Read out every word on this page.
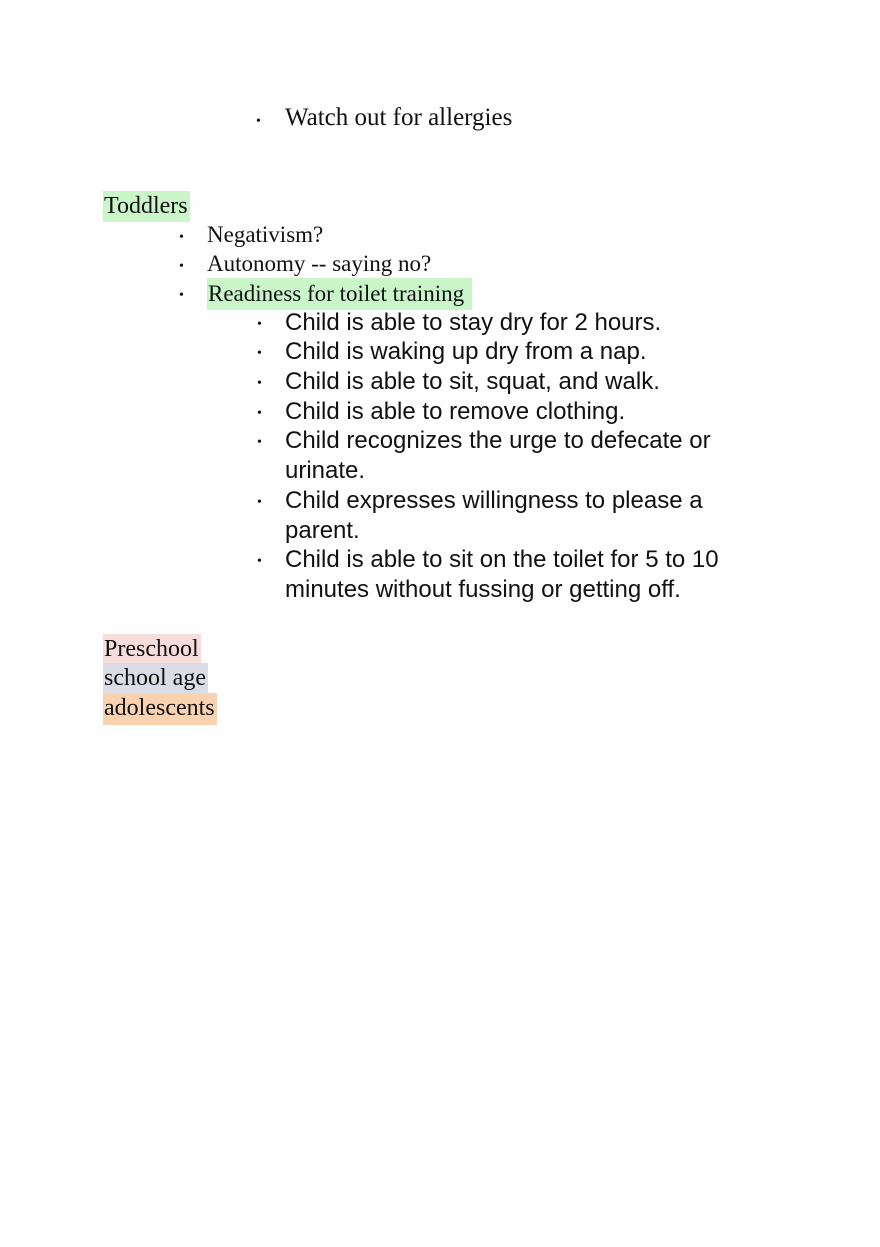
• Watch out for allergies
Toddlers
• Negativism?
• Autonomy -- saying no?
• Readiness for toilet training
• Child is able to stay dry for 2 hours.
• Child is waking up dry from a nap.
• Child is able to sit, squat, and walk.
• Child is able to remove clothing.
• Child recognizes the urge to defecate or urinate.
• Child expresses willingness to please a parent.
• Child is able to sit on the toilet for 5 to 10 minutes without fussing or getting off.
Preschool
school age
adolescents
